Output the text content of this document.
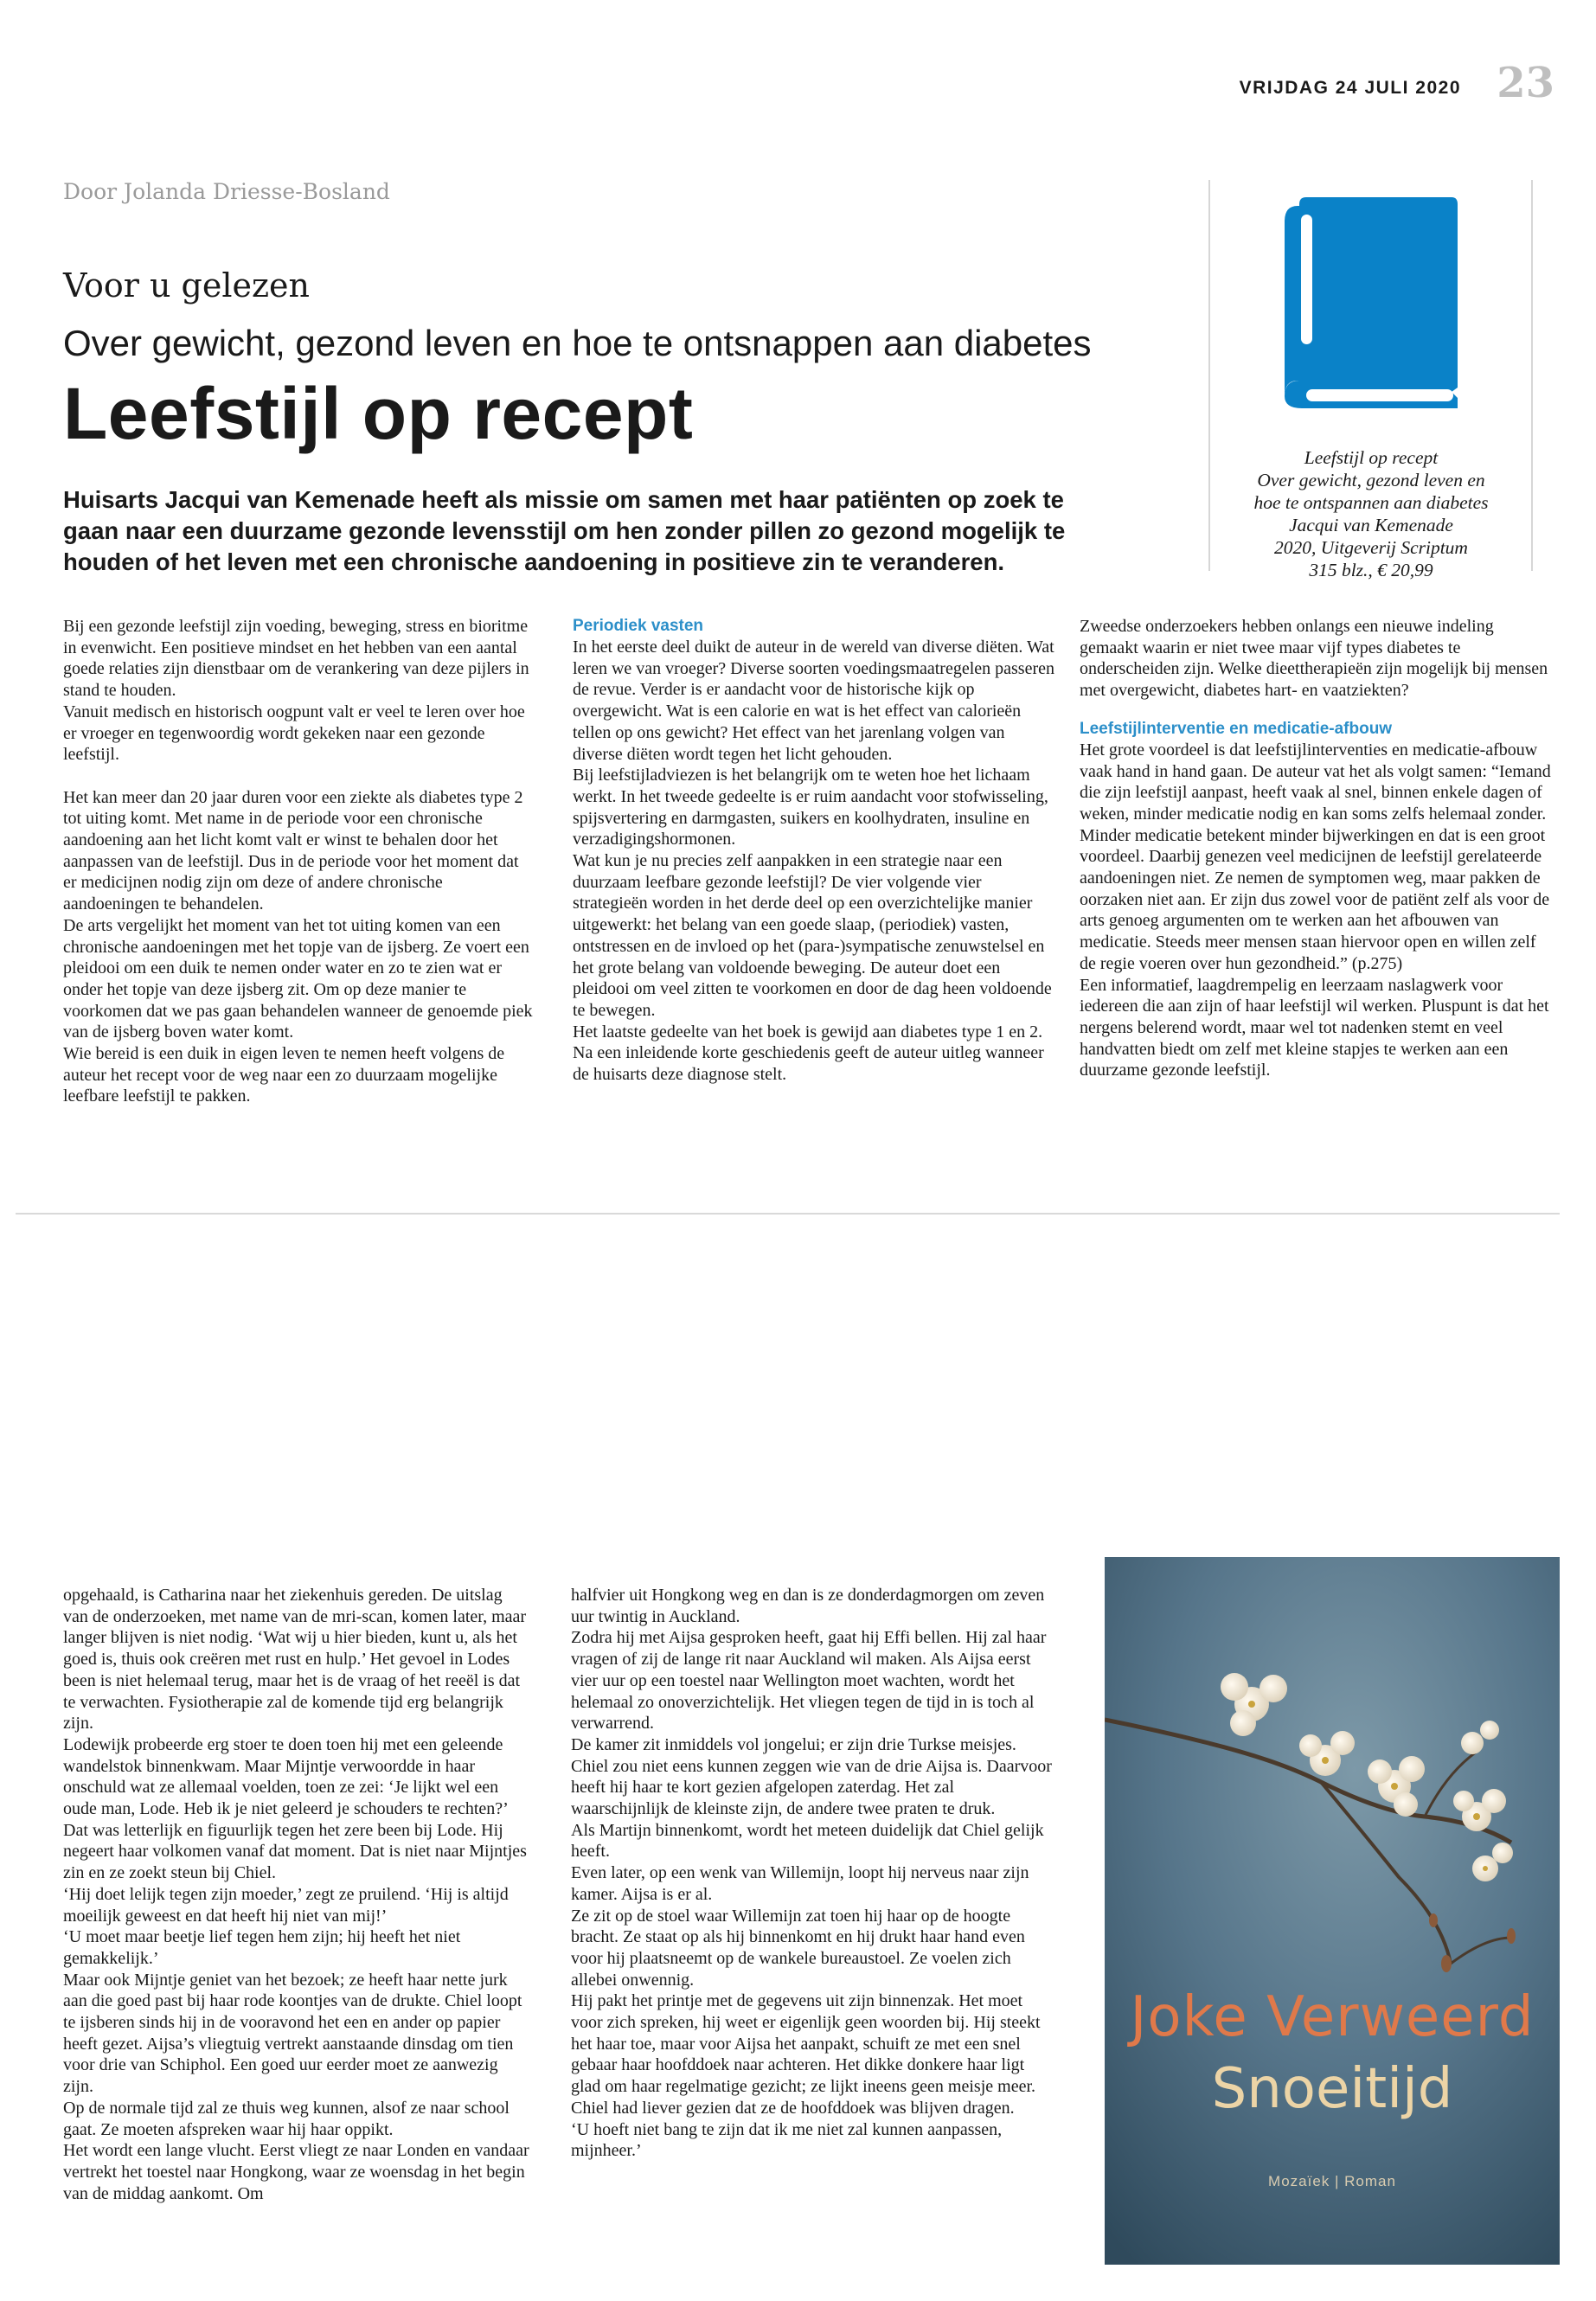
VRIJDAG 24 JULI 2020 23
Door Jolanda Driesse-Bosland
Voor u gelezen
Over gewicht, gezond leven en hoe te ontsnappen aan diabetes
Leefstijl op recept
Huisarts Jacqui van Kemenade heeft als missie om samen met haar patiënten op zoek te gaan naar een duurzame gezonde levensstijl om hen zonder pillen zo gezond mogelijk te houden of het leven met een chronische aandoening in positieve zin te veranderen.
Leefstijl op recept
Over gewicht, gezond leven en
hoe te ontspannen aan diabetes
Jacqui van Kemenade
2020, Uitgeverij Scriptum
315 blz., € 20,99

Bij een gezonde leefstijl zijn voeding, beweging, stress en bioritme in evenwicht. Een positieve mindset en het hebben van een aantal goede relaties zijn dienstbaar om de verankering van deze pijlers in stand te houden.

Vanuit medisch en historisch oogpunt valt er veel te leren over hoe er vroeger en tegenwoordig wordt gekeken naar een gezonde leefstijl.

Het kan meer dan 20 jaar duren voor een ziekte als diabetes type 2 tot uiting komt. Met name in de periode voor een chronische aandoening aan het licht komt valt er winst te behalen door het aanpassen van de leefstijl. Dus in de periode voor het moment dat er medicijnen nodig zijn om deze of andere chronische aandoeningen te behandelen.

De arts vergelijkt het moment van het tot uiting komen van een chronische aandoeningen met het topje van de ijsberg. Ze voert een pleidooi om een duik te nemen onder water en zo te zien wat er onder het topje van deze ijsberg zit. Om op deze manier te voorkomen dat we pas gaan behandelen wanneer de genoemde piek van de ijsberg boven water komt.

Wie bereid is een duik in eigen leven te nemen heeft volgens de auteur het recept voor de weg naar een zo duurzaam mogelijke leefbare leefstijl te pakken.

Periodiek vasten

In het eerste deel duikt de auteur in de wereld van diverse diëten. Wat leren we van vroeger? Diverse soorten voedingsmaatregelen passeren de revue. Verder is er aandacht voor de historische kijk op overgewicht. Wat is een calorie en wat is het effect van calorieën tellen op ons gewicht? Het effect van het jarenlang volgen van diverse diëten wordt tegen het licht gehouden.

Bij leefstijladviezen is het belangrijk om te weten hoe het lichaam werkt. In het tweede gedeelte is er ruim aandacht voor stofwisseling, spijsvertering en darmgasten, suikers en koolhydraten, insuline en verzadigingshormonen.

Wat kun je nu precies zelf aanpakken in een strategie naar een duurzaam leefbare gezonde leefstijl? De vier volgende vier strategieën worden in het derde deel op een overzichtelijke manier uitgewerkt: het belang van een goede slaap, (periodiek) vasten, ontstressen en de invloed op het (para-)sympatische zenuwstelsel en het grote belang van voldoende beweging. De auteur doet een pleidooi om veel zitten te voorkomen en door de dag heen voldoende te bewegen.

Het laatste gedeelte van het boek is gewijd aan diabetes type 1 en 2. Na een inleidende korte geschiedenis geeft de auteur uitleg wanneer de huisarts deze diagnose stelt.

Zweedse onderzoekers hebben onlangs een nieuwe indeling gemaakt waarin er niet twee maar vijf types diabetes te onderscheiden zijn. Welke dieettherapieën zijn mogelijk bij mensen met overgewicht, diabetes hart- en vaatziekten?

Leefstijlinterventie en medicatie-afbouw

Het grote voordeel is dat leefstijlinterventies en medicatie-afbouw vaak hand in hand gaan. De auteur vat het als volgt samen: “Iemand die zijn leefstijl aanpast, heeft vaak al snel, binnen enkele dagen of weken, minder medicatie nodig en kan soms zelfs helemaal zonder. Minder medicatie betekent minder bijwerkingen en dat is een groot voordeel. Daarbij genezen veel medicijnen de leefstijl gerelateerde aandoeningen niet. Ze nemen de symptomen weg, maar pakken de oorzaken niet aan. Er zijn dus zowel voor de patiënt zelf als voor de arts genoeg argumenten om te werken aan het afbouwen van medicatie. Steeds meer mensen staan hiervoor open en willen zelf de regie voeren over hun gezondheid.” (p.275)

Een informatief, laagdrempelig en leerzaam naslagwerk voor iedereen die aan zijn of haar leefstijl wil werken. Pluspunt is dat het nergens belerend wordt, maar wel tot nadenken stemt en veel handvatten biedt om zelf met kleine stapjes te werken aan een duurzame gezonde leefstijl.

opgehaald, is Catharina naar het ziekenhuis gereden. De uitslag van de onderzoeken, met name van de mri-scan, komen later, maar langer blijven is niet nodig. ‘Wat wij u hier bieden, kunt u, als het goed is, thuis ook creëren met rust en hulp.’ Het gevoel in Lodes been is niet helemaal terug, maar het is de vraag of het reeël is dat te verwachten. Fysiotherapie zal de komende tijd erg belangrijk zijn.

Lodewijk probeerde erg stoer te doen toen hij met een geleende wandelstok binnenkwam. Maar Mijntje verwoordde in haar onschuld wat ze allemaal voelden, toen ze zei: ‘Je lijkt wel een oude man, Lode. Heb ik je niet geleerd je schouders te rechten?’

Dat was letterlijk en figuurlijk tegen het zere been bij Lode. Hij negeert haar volkomen vanaf dat moment. Dat is niet naar Mijntjes zin en ze zoekt steun bij Chiel.

‘Hij doet lelijk tegen zijn moeder,’ zegt ze pruilend. ‘Hij is altijd moeilijk geweest en dat heeft hij niet van mij!’

‘U moet maar beetje lief tegen hem zijn; hij heeft het niet gemakkelijk.’

Maar ook Mijntje geniet van het bezoek; ze heeft haar nette jurk aan die goed past bij haar rode koontjes van de drukte. Chiel loopt te ijsberen sinds hij in de vooravond het een en ander op papier heeft gezet. Aijsa’s vliegtuig vertrekt aanstaande dinsdag om tien voor drie van Schiphol. Een goed uur eerder moet ze aanwezig zijn.

Op de normale tijd zal ze thuis weg kunnen, alsof ze naar school gaat. Ze moeten afspreken waar hij haar oppikt.

Het wordt een lange vlucht. Eerst vliegt ze naar Londen en vandaar vertrekt het toestel naar Hongkong, waar ze woensdag in het begin van de middag aankomt. Om

halfvier uit Hongkong weg en dan is ze donderdagmorgen om zeven uur twintig in Auckland.

Zodra hij met Aijsa gesproken heeft, gaat hij Effi bellen. Hij zal haar vragen of zij de lange rit naar Auckland wil maken. Als Aijsa eerst vier uur op een toestel naar Wellington moet wachten, wordt het helemaal zo onoverzichtelijk. Het vliegen tegen de tijd in is toch al verwarrend.

De kamer zit inmiddels vol jongelui; er zijn drie Turkse meisjes. Chiel zou niet eens kunnen zeggen wie van de drie Aijsa is. Daarvoor heeft hij haar te kort gezien afgelopen zaterdag. Het zal waarschijnlijk de kleinste zijn, de andere twee praten te druk.

Als Martijn binnenkomt, wordt het meteen duidelijk dat Chiel gelijk heeft.

Even later, op een wenk van Willemijn, loopt hij nerveus naar zijn kamer. Aijsa is er al.

Ze zit op de stoel waar Willemijn zat toen hij haar op de hoogte bracht. Ze staat op als hij binnenkomt en hij drukt haar hand even voor hij plaatsneemt op de wankele bureaustoel. Ze voelen zich allebei onwennig.

Hij pakt het printje met de gegevens uit zijn binnenzak. Het moet voor zich spreken, hij weet er eigenlijk geen woorden bij. Hij steekt het haar toe, maar voor Aijsa het aanpakt, schuift ze met een snel gebaar haar hoofddoek naar achteren. Het dikke donkere haar ligt glad om haar regelmatige gezicht; ze lijkt ineens geen meisje meer. Chiel had liever gezien dat ze de hoofddoek was blijven dragen.

‘U hoeft niet bang te zijn dat ik me niet zal kunnen aanpassen, mijnheer.’

Joke Verweerd
Snoeitijd
Mozaïek | Roman
